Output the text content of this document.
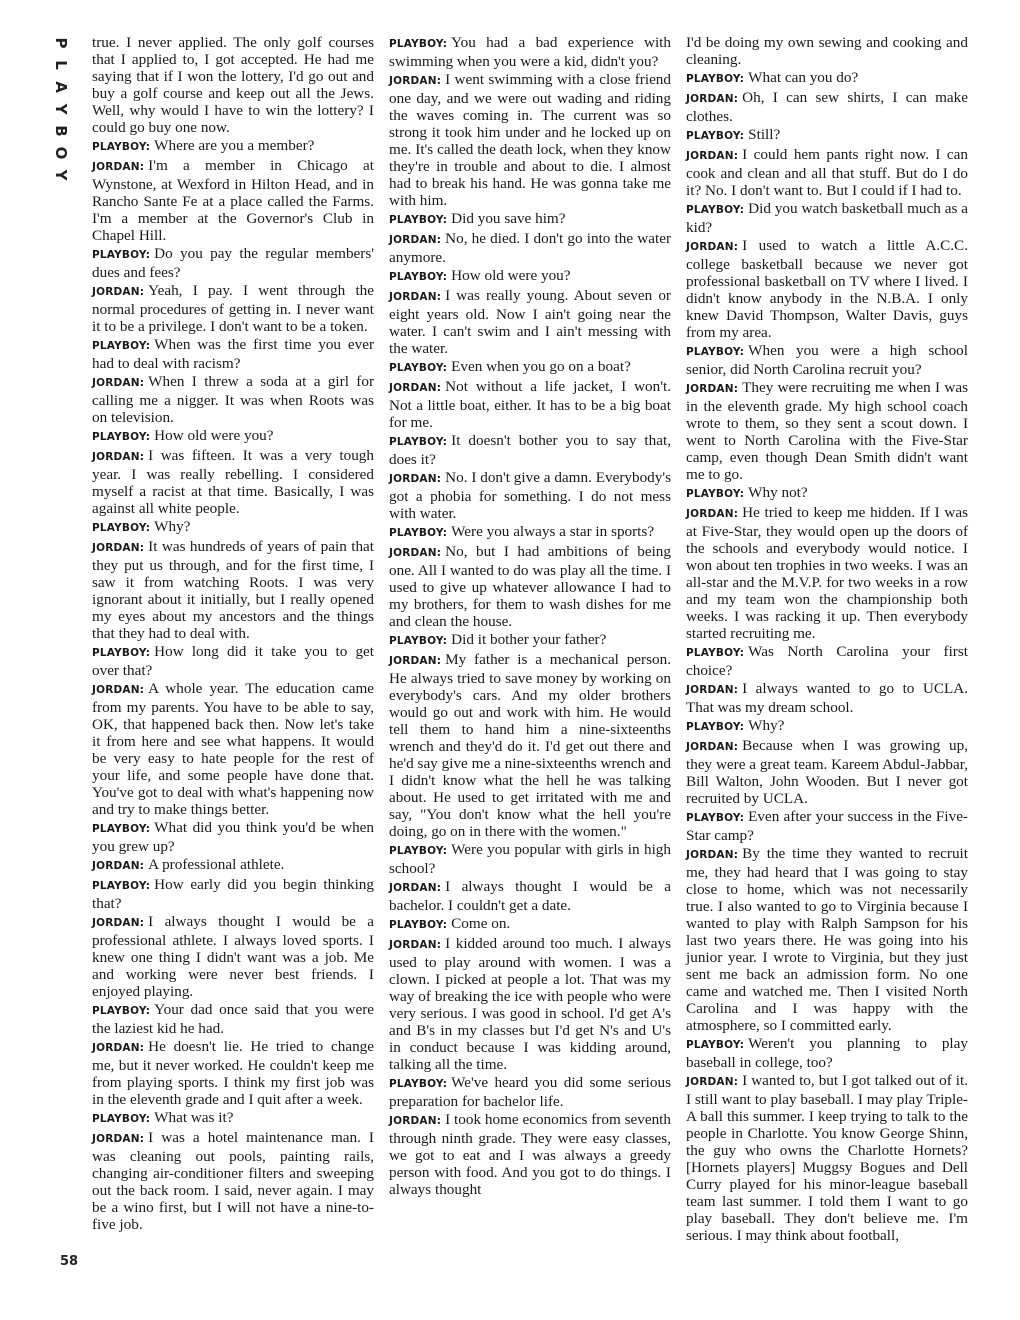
P
L
A
Y
B
O
Y

true. I never applied. The only golf courses that I applied to, I got accepted. He had me saying that if I won the lottery, I'd go out and buy a golf course and keep out all the Jews. Well, why would I have to win the lottery? I could go buy one now.

PLAYBOY: Where are you a member?

JORDAN: I'm a member in Chicago at Wynstone, at Wexford in Hilton Head, and in Rancho Sante Fe at a place called the Farms. I'm a member at the Governor's Club in Chapel Hill.

PLAYBOY: Do you pay the regular members' dues and fees?

JORDAN: Yeah, I pay. I went through the normal procedures of getting in. I never want it to be a privilege. I don't want to be a token.

PLAYBOY: When was the first time you ever had to deal with racism?

JORDAN: When I threw a soda at a girl for calling me a nigger. It was when Roots was on television.

PLAYBOY: How old were you?

JORDAN: I was fifteen. It was a very tough year. I was really rebelling. I considered myself a racist at that time. Basically, I was against all white people.

PLAYBOY: Why?

JORDAN: It was hundreds of years of pain that they put us through, and for the first time, I saw it from watching Roots. I was very ignorant about it initially, but I really opened my eyes about my ancestors and the things that they had to deal with.

PLAYBOY: How long did it take you to get over that?

JORDAN: A whole year. The education came from my parents. You have to be able to say, OK, that happened back then. Now let's take it from here and see what happens. It would be very easy to hate people for the rest of your life, and some people have done that. You've got to deal with what's happening now and try to make things better.

PLAYBOY: What did you think you'd be when you grew up?

JORDAN: A professional athlete.

PLAYBOY: How early did you begin thinking that?

JORDAN: I always thought I would be a professional athlete. I always loved sports. I knew one thing I didn't want was a job. Me and working were never best friends. I enjoyed playing.

PLAYBOY: Your dad once said that you were the laziest kid he had.

JORDAN: He doesn't lie. He tried to change me, but it never worked. He couldn't keep me from playing sports. I think my first job was in the eleventh grade and I quit after a week.

PLAYBOY: What was it?

JORDAN: I was a hotel maintenance man. I was cleaning out pools, painting rails, changing air-conditioner filters and sweeping out the back room. I said, never again. I may be a wino first, but I will not have a nine-to-five job.

PLAYBOY: You had a bad experience with swimming when you were a kid, didn't you?

JORDAN: I went swimming with a close friend one day, and we were out wading and riding the waves coming in. The current was so strong it took him under and he locked up on me. It's called the death lock, when they know they're in trouble and about to die. I almost had to break his hand. He was gonna take me with him.

PLAYBOY: Did you save him?

JORDAN: No, he died. I don't go into the water anymore.

PLAYBOY: How old were you?

JORDAN: I was really young. About seven or eight years old. Now I ain't going near the water. I can't swim and I ain't messing with the water.

PLAYBOY: Even when you go on a boat?

JORDAN: Not without a life jacket, I won't. Not a little boat, either. It has to be a big boat for me.

PLAYBOY: It doesn't bother you to say that, does it?

JORDAN: No. I don't give a damn. Everybody's got a phobia for something. I do not mess with water.

PLAYBOY: Were you always a star in sports?

JORDAN: No, but I had ambitions of being one. All I wanted to do was play all the time. I used to give up whatever allowance I had to my brothers, for them to wash dishes for me and clean the house.

PLAYBOY: Did it bother your father?

JORDAN: My father is a mechanical person. He always tried to save money by working on everybody's cars. And my older brothers would go out and work with him. He would tell them to hand him a nine-sixteenths wrench and they'd do it. I'd get out there and he'd say give me a nine-sixteenths wrench and I didn't know what the hell he was talking about. He used to get irritated with me and say, "You don't know what the hell you're doing, go on in there with the women."

PLAYBOY: Were you popular with girls in high school?

JORDAN: I always thought I would be a bachelor. I couldn't get a date.

PLAYBOY: Come on.

JORDAN: I kidded around too much. I always used to play around with women. I was a clown. I picked at people a lot. That was my way of breaking the ice with people who were very serious. I was good in school. I'd get A's and B's in my classes but I'd get N's and U's in conduct because I was kidding around, talking all the time.

PLAYBOY: We've heard you did some serious preparation for bachelor life.

JORDAN: I took home economics from seventh through ninth grade. They were easy classes, we got to eat and I was always a greedy person with food. And you got to do things. I always thought

I'd be doing my own sewing and cooking and cleaning.

PLAYBOY: What can you do?

JORDAN: Oh, I can sew shirts, I can make clothes.

PLAYBOY: Still?

JORDAN: I could hem pants right now. I can cook and clean and all that stuff. But do I do it? No. I don't want to. But I could if I had to.

PLAYBOY: Did you watch basketball much as a kid?

JORDAN: I used to watch a little A.C.C. college basketball because we never got professional basketball on TV where I lived. I didn't know anybody in the N.B.A. I only knew David Thompson, Walter Davis, guys from my area.

PLAYBOY: When you were a high school senior, did North Carolina recruit you?

JORDAN: They were recruiting me when I was in the eleventh grade. My high school coach wrote to them, so they sent a scout down. I went to North Carolina with the Five-Star camp, even though Dean Smith didn't want me to go.

PLAYBOY: Why not?

JORDAN: He tried to keep me hidden. If I was at Five-Star, they would open up the doors of the schools and everybody would notice. I won about ten trophies in two weeks. I was an all-star and the M.V.P. for two weeks in a row and my team won the championship both weeks. I was racking it up. Then everybody started recruiting me.

PLAYBOY: Was North Carolina your first choice?

JORDAN: I always wanted to go to UCLA. That was my dream school.

PLAYBOY: Why?

JORDAN: Because when I was growing up, they were a great team. Kareem Abdul-Jabbar, Bill Walton, John Wooden. But I never got recruited by UCLA.

PLAYBOY: Even after your success in the Five-Star camp?

JORDAN: By the time they wanted to recruit me, they had heard that I was going to stay close to home, which was not necessarily true. I also wanted to go to Virginia because I wanted to play with Ralph Sampson for his last two years there. He was going into his junior year. I wrote to Virginia, but they just sent me back an admission form. No one came and watched me. Then I visited North Carolina and I was happy with the atmosphere, so I committed early.

PLAYBOY: Weren't you planning to play baseball in college, too?

JORDAN: I wanted to, but I got talked out of it. I still want to play baseball. I may play Triple-A ball this summer. I keep trying to talk to the people in Charlotte. You know George Shinn, the guy who owns the Charlotte Hornets? [Hornets players] Muggsy Bogues and Dell Curry played for his minor-league baseball team last summer. I told them I want to go play baseball. They don't believe me. I'm serious. I may think about football,

58
